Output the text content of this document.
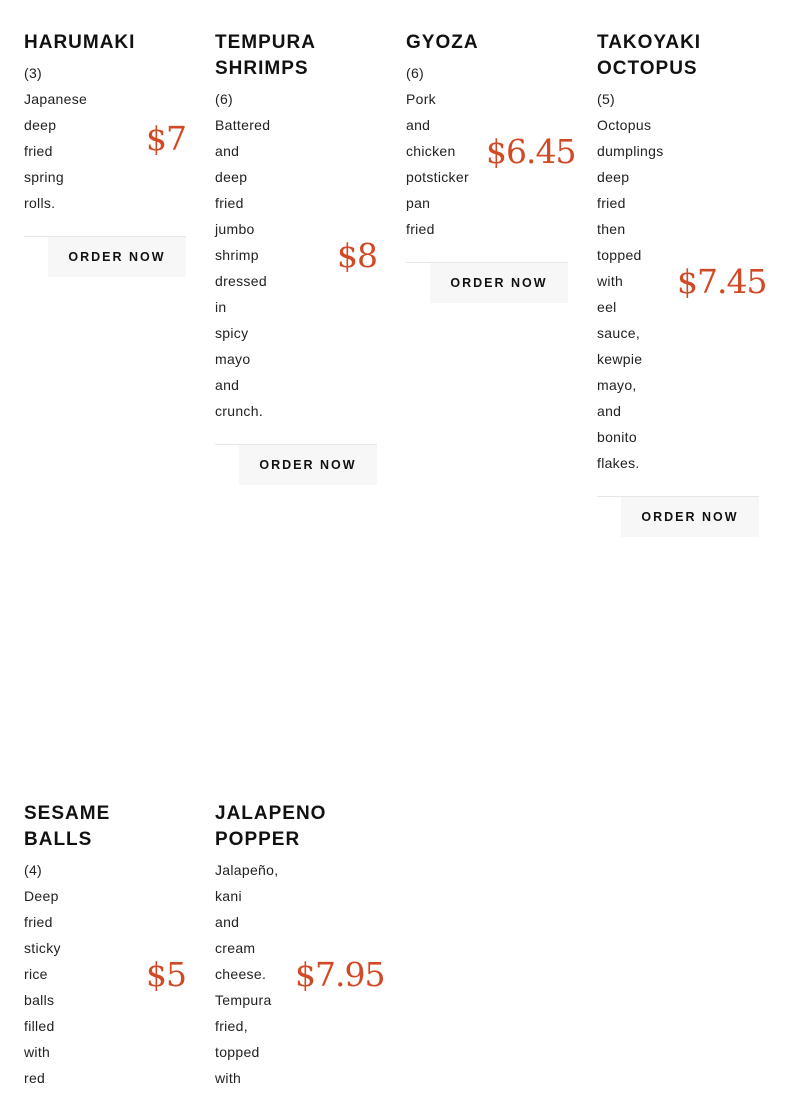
HARUMAKI
(3)
Japanese deep fried spring rolls.
$7
ORDER NOW
TEMPURA SHRIMPS
(6)
Battered and deep fried jumbo shrimp dressed in spicy mayo and crunch.
$8
ORDER NOW
GYOZA
(6)
Pork and chicken potsticker pan fried
$6.45
ORDER NOW
TAKOYAKI OCTOPUS
(5)
Octopus dumplings deep fried then topped with eel sauce, kewpie mayo, and bonito flakes.
$7.45
ORDER NOW
SESAME BALLS
(4)
Deep fried sticky rice balls filled with red
$5
JALAPENO POPPER
Jalapeño, kani and cream cheese. Tempura fried, topped with
$7.95
